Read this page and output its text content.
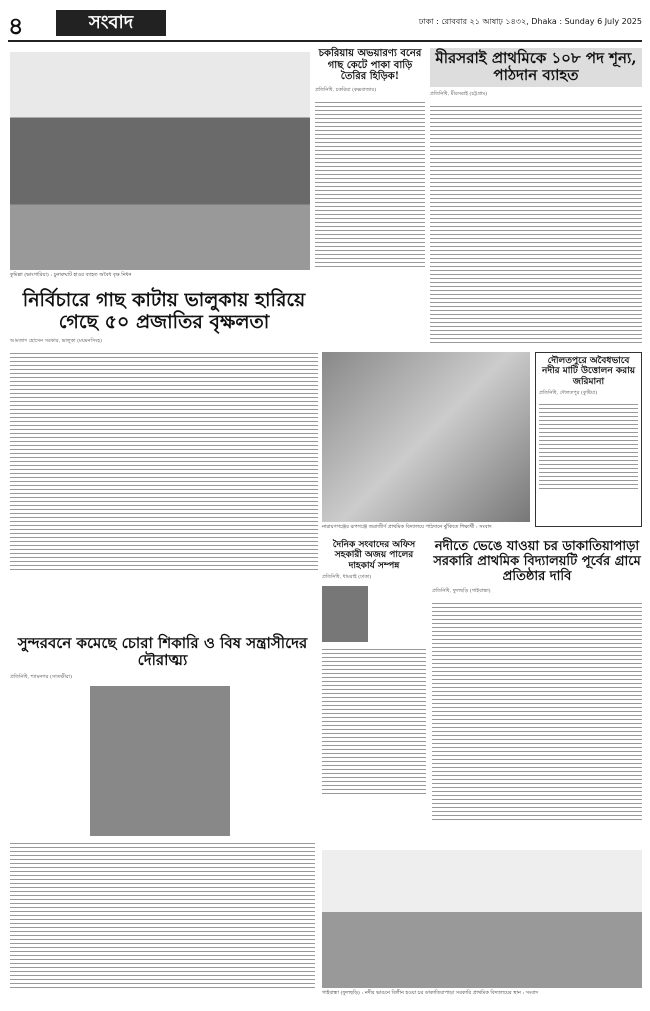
৪	সংবাদ	ঢাকা : রোববার ২১ আষাঢ় ১৪৩২, Dhaka : Sunday 6 July 2025
কুমিল্লা (ভাংগারিয়া) : চুনারুঘাট হাওর ব্যাহত অবৈধ বৃক্ষ নিধন
চকরিয়ায় অভয়ারণ্য বনের গাছ কেটে পাকা বাড়ি তৈরির হিড়িক!
প্রতিনিধি, চকরিয়া (কক্সবাজার)
মীরসরাই প্রাথমিকে ১০৮ পদ শূন্য, পাঠদান ব্যাহত
প্রতিনিধি, মীরসরাই (চট্টগ্রাম)
নির্বিচারে গাছ কাটায় ভালুকায় হারিয়ে গেছে ৫০ প্রজাতির বৃক্ষলতা
আমজাদ হোসেন সরকার, ভালুকা (ময়মনসিংহ)
দৌলতপুরে অবৈধভাবে নদীর মাটি উত্তোলন করায় জরিমানা
প্রতিনিধি, দৌলতপুর (কুষ্টিয়া)
নারায়ণগঞ্জের রূপগঞ্জে জরাজীর্ণ প্রাথমিক বিদ্যালয়ে পাঠদানে ঝুঁকিতে শিক্ষার্থী : সংবাদ
দৈনিক সংবাদের অফিস সহকারী অজয় পালের দাহকার্য সম্পন্ন
প্রতিনিধি, ধামরাই (ঢাকা)
নদীতে ভেঙে যাওয়া চর ডাকাতিয়াপাড়া সরকারি প্রাথমিক বিদ্যালয়টি পূর্বের গ্রামে প্রতিষ্ঠার দাবি
প্রতিনিধি, ফুলছড়ি (গাইবান্ধা)
সুন্দরবনে কমেছে চোরা শিকারি ও বিষ সন্ত্রাসীদের দৌরাত্ম্য
প্রতিনিধি, শ্যামনগর (সাতক্ষীরা)
গাইবান্ধা (ফুলছড়ি) : নদীর ভাঙনে বিলীন হওয়া চর ডাকাতিয়াপাড়া সরকারি প্রাথমিক বিদ্যালয়ের স্থান : সংবাদ
